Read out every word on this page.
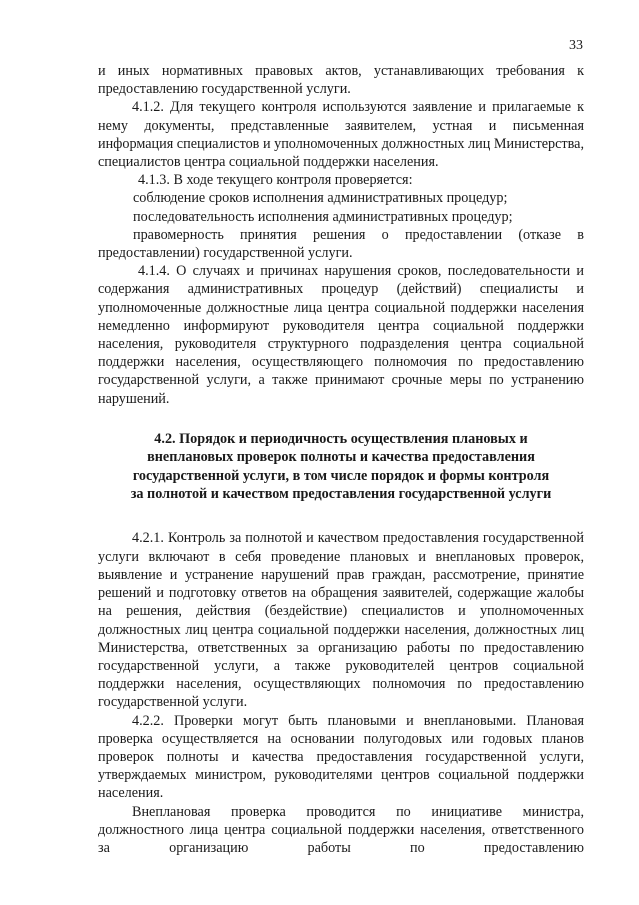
33

и иных нормативных правовых актов, устанавливающих требования к предоставлению государственной услуги.

4.1.2. Для текущего контроля используются заявление и прилагаемые к нему документы, представленные заявителем, устная и письменная информация специалистов и уполномоченных должностных лиц Министерства, специалистов центра социальной поддержки населения.

4.1.3. В ходе текущего контроля проверяется:

соблюдение сроков исполнения административных процедур;

последовательность исполнения административных процедур;

правомерность принятия решения о предоставлении (отказе в предоставлении) государственной услуги.

4.1.4. О случаях и причинах нарушения сроков, последовательности и содержания административных процедур (действий) специалисты и уполномоченные должностные лица центра социальной поддержки населения немедленно информируют руководителя центра социальной поддержки населения, руководителя структурного подразделения центра социальной поддержки населения, осуществляющего полномочия по предоставлению государственной услуги, а также принимают срочные меры по устранению нарушений.

4.2. Порядок и периодичность осуществления плановых и
внеплановых проверок полноты и качества предоставления
государственной услуги, в том числе порядок и формы контроля
за полнотой и качеством предоставления государственной услуги

4.2.1. Контроль за полнотой и качеством предоставления государственной услуги включают в себя проведение плановых и внеплановых проверок, выявление и устранение нарушений прав граждан, рассмотрение, принятие решений и подготовку ответов на обращения заявителей, содержащие жалобы на решения, действия (бездействие) специалистов и уполномоченных должностных лиц центра социальной поддержки населения, должностных лиц Министерства, ответственных за организацию работы по предоставлению государственной услуги, а также руководителей центров социальной поддержки населения, осуществляющих полномочия по предоставлению государственной услуги.

4.2.2. Проверки могут быть плановыми и внеплановыми. Плановая проверка осуществляется на основании полугодовых или годовых планов проверок полноты и качества предоставления государственной услуги, утверждаемых министром, руководителями центров социальной поддержки населения.

Внеплановая проверка проводится по инициативе министра, должностного лица центра социальной поддержки населения, ответственного за организацию работы по предоставлению
